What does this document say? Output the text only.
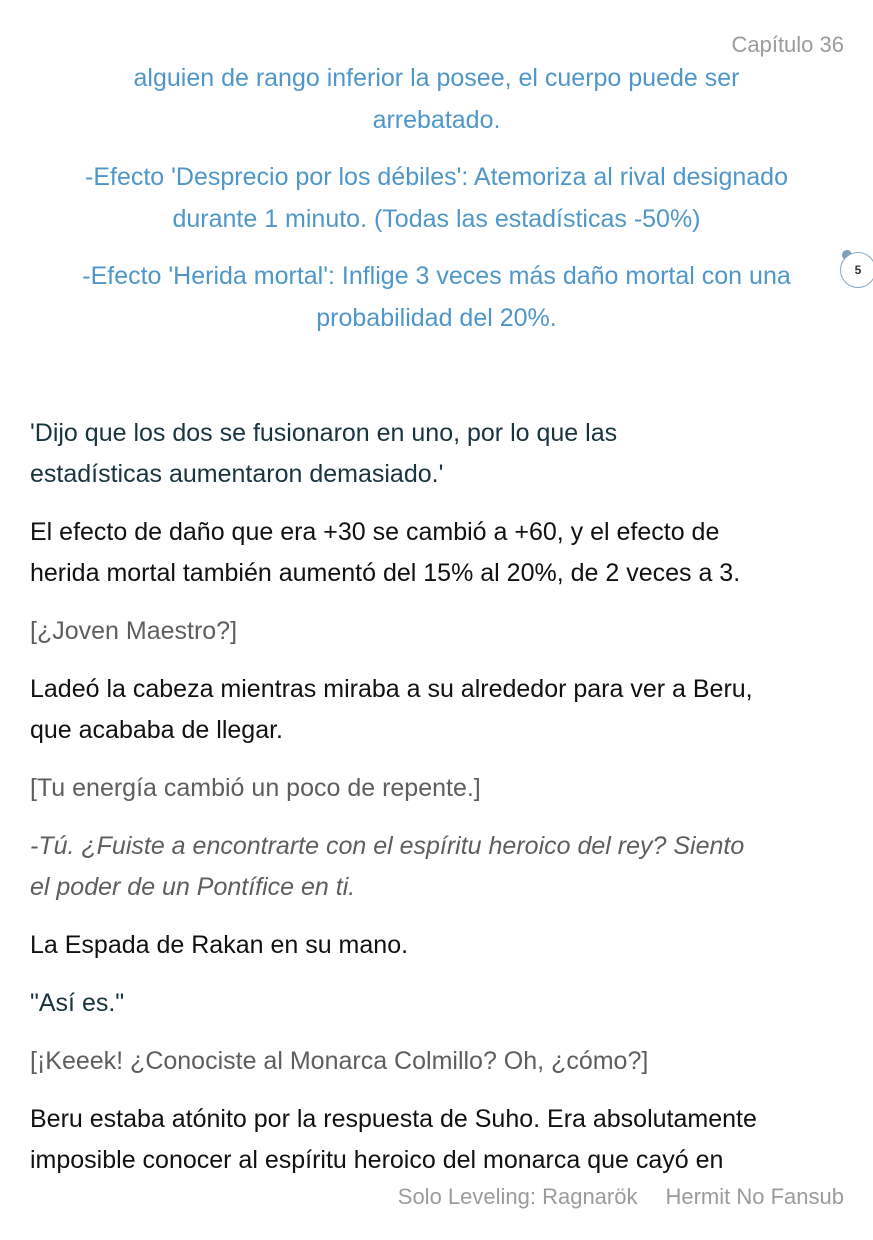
Capítulo 36
alguien de rango inferior la posee, el cuerpo puede ser
arrebatado.
-Efecto 'Desprecio por los débiles': Atemoriza al rival designado
durante 1 minuto. (Todas las estadísticas -50%)
-Efecto 'Herida mortal': Inflige 3 veces más daño mortal con una
probabilidad del 20%.
5
'Dijo que los dos se fusionaron en uno, por lo que las
estadísticas aumentaron demasiado.'
El efecto de daño que era +30 se cambió a +60, y el efecto de
herida mortal también aumentó del 15% al 20%, de 2 veces a 3.
[¿Joven Maestro?]
Ladeó la cabeza mientras miraba a su alrededor para ver a Beru,
que acababa de llegar.
[Tu energía cambió un poco de repente.]
-Tú. ¿Fuiste a encontrarte con el espíritu heroico del rey? Siento
el poder de un Pontífice en ti.
La Espada de Rakan en su mano.
"Así es."
[¡Keeek! ¿Conociste al Monarca Colmillo? Oh, ¿cómo?]
Beru estaba atónito por la respuesta de Suho. Era absolutamente
imposible conocer al espíritu heroico del monarca que cayó en
Solo Leveling: Ragnarök Hermit No Fansub
